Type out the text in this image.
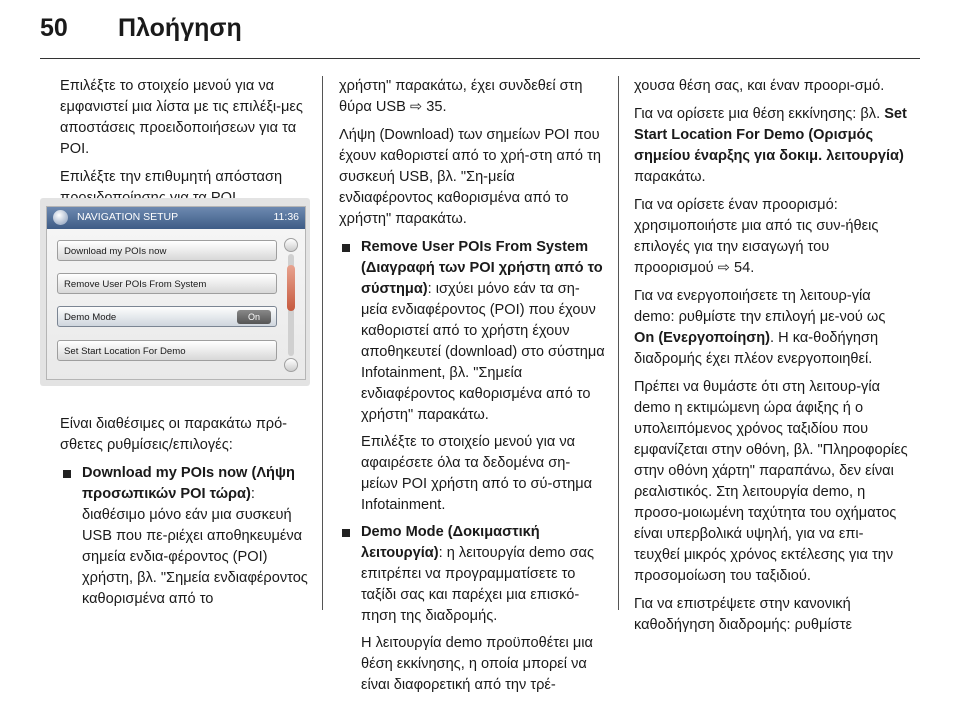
50 Πλοήγηση

Επιλέξτε το στοιχείο μενού για να εμφανιστεί μια λίστα με τις επιλέξι-μες αποστάσεις προειδοποιήσεων για τα POI.

Επιλέξτε την επιθυμητή απόσταση

NAVIGATION SETUP	11:36
Download my POIs now
Remove User POIs From System
Demo Mode	On
Set Start Location For Demo

Είναι διαθέσιμες οι παρακάτω πρό-σθετες ρυθμίσεις/επιλογές:

Download my POIs now (Λήψη προσωπικών POI τώρα): διαθέσιμο μόνο εάν μια συσκευή USB που πε-ριέχει αποθηκευμένα σημεία ενδια-φέροντος (POI) χρήστη, βλ. "Σημεία ενδιαφέροντος καθορισμένα από το

χρήστη" παρακάτω, έχει συνδεθεί στη θύρα USB ⇨ 35.

Λήψη (Download) των σημείων POI που έχουν καθοριστεί από το χρή-στη από τη συσκευή USB, βλ. "Ση-μεία ενδιαφέροντος καθορισμένα από το χρήστη" παρακάτω.

Remove User POIs From System (Διαγραφή των POI χρήστη από το σύστημα): ισχύει μόνο εάν τα ση-μεία ενδιαφέροντος (POI) που έχουν καθοριστεί από το χρήστη έχουν αποθηκευτεί (download) στο σύστημα Infotainment, βλ. "Σημεία ενδιαφέροντος καθορισμένα από το χρήστη" παρακάτω.
Επιλέξτε το στοιχείο μενού για να αφαιρέσετε όλα τα δεδομένα ση-μείων POI χρήστη από το σύ-στημα Infotainment.
Demo Mode (Δοκιμαστική λειτουργία): η λειτουργία demo σας επιτρέπει να προγραμματίσετε το ταξίδι σας και παρέχει μια επισκό-πηση της διαδρομής.
Η λειτουργία demo προϋποθέτει μια θέση εκκίνησης, η οποία μπορεί να είναι διαφορετική από την τρέ-

χουσα θέση σας, και έναν προορι-σμό.

Για να ορίσετε μια θέση εκκίνησης: βλ. Set Start Location For Demo (Ορισμός σημείου έναρξης για δοκιμ. λειτουργία) παρακάτω.

Για να ορίσετε έναν προορισμό: χρησιμοποιήστε μια από τις συν-ήθεις επιλογές για την εισαγωγή του προορισμού ⇨ 54.

Για να ενεργοποιήσετε τη λειτουρ-γία demo: ρυθμίστε την επιλογή με-νού ως On (Ενεργοποίηση). Η κα-θοδήγηση διαδρομής έχει πλέον ενεργοποιηθεί.

Πρέπει να θυμάστε ότι στη λειτουρ-γία demo η εκτιμώμενη ώρα άφιξης ή ο υπολειπόμενος χρόνος ταξιδίου που εμφανίζεται στην οθόνη, βλ. "Πληροφορίες στην οθόνη χάρτη" παραπάνω, δεν είναι ρεαλιστικός. Στη λειτουργία demo, η προσο-μοιωμένη ταχύτητα του οχήματος είναι υπερβολικά υψηλή, για να επι-τευχθεί μικρός χρόνος εκτέλεσης για την προσομοίωση του ταξιδιού.

Για να επιστρέψετε στην κανονική καθοδήγηση διαδρομής: ρυθμίστε
